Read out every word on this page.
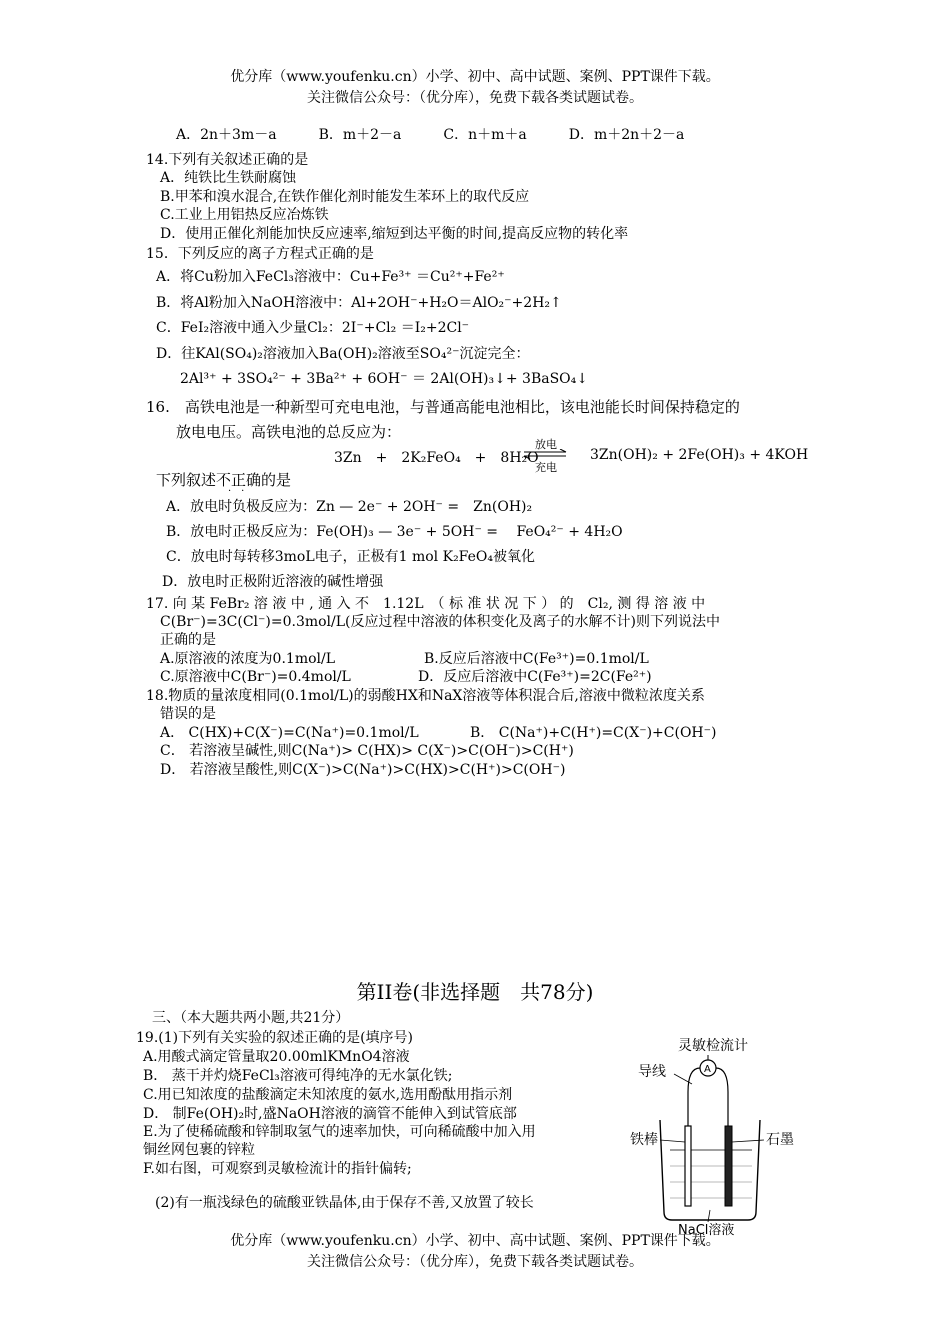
优分库（www.youfenku.cn）小学、初中、高中试题、案例、PPT课件下载。
关注微信公众号：（优分库），免费下载各类试题试卷。
A．2n＋3m－a　　　B．m＋2－a　　　C．n＋m＋a　　　D．m＋2n＋2－a
14.下列有关叙述正确的是
A．纯铁比生铁耐腐蚀
B.甲苯和溴水混合,在铁作催化剂时能发生苯环上的取代反应
C.工业上用铝热反应冶炼铁
D．使用正催化剂能加快反应速率,缩短到达平衡的时间,提高反应物的转化率
15．下列反应的离子方程式正确的是
A．将Cu粉加入FeCl₃溶液中：Cu+Fe³⁺ ＝Cu²⁺+Fe²⁺
B．将Al粉加入NaOH溶液中：Al+2OH⁻+H₂O＝AlO₂⁻+2H₂↑
C．FeI₂溶液中通入少量Cl₂：2I⁻+Cl₂ ＝I₂+2Cl⁻
D．往KAl(SO₄)₂溶液加入Ba(OH)₂溶液至SO₄²⁻沉淀完全：
2Al³⁺ + 3SO₄²⁻ + 3Ba²⁺ + 6OH⁻ ＝ 2Al(OH)₃↓+ 3BaSO₄↓
16.　高铁电池是一种新型可充电电池，与普通高能电池相比，该电池能长时间保持稳定的
放电电压。高铁电池的总反应为：
3Zn　+　2K₂FeO₄　+　8H₂O
放电
充电
3Zn(OH)₂ + 2Fe(OH)₃ + 4KOH
下列叙述不正确的是
·　·
A．放电时负极反应为：Zn — 2e⁻ + 2OH⁻ =　Zn(OH)₂
B．放电时正极反应为：Fe(OH)₃ — 3e⁻ + 5OH⁻ =　 FeO₄²⁻ + 4H₂O
C．放电时每转移3moL电子，正极有1 mol K₂FeO₄被氧化
D．放电时正极附近溶液的碱性增强
17. 向 某 FeBr₂ 溶 液 中 , 通 入 不　1.12L　（ 标 准 状 况 下 ） 的　Cl₂, 测 得 溶 液 中
C(Br⁻)=3C(Cl⁻)=0.3mol/L(反应过程中溶液的体积变化及离子的水解不计)则下列说法中
正确的是
A.原溶液的浓度为0.1mol/L	B.反应后溶液中C(Fe³⁺)=0.1mol/L
C.原溶液中C(Br⁻)=0.4mol/L	D．反应后溶液中C(Fe³⁺)=2C(Fe²⁺)
18.物质的量浓度相同(0.1mol/L)的弱酸HX和NaX溶液等体积混合后,溶液中微粒浓度关系
错误的是
A． C(HX)+C(X⁻)=C(Na⁺)=0.1mol/L	B． C(Na⁺)+C(H⁺)=C(X⁻)+C(OH⁻)
C． 若溶液呈碱性,则C(Na⁺)> C(HX)> C(X⁻)>C(OH⁻)>C(H⁺)
D． 若溶液呈酸性,则C(X⁻)>C(Na⁺)>C(HX)>C(H⁺)>C(OH⁻)
第II卷(非选择题　共78分)
三、（本大题共两小题,共21分）
19.(1)下列有关实验的叙述正确的是(填序号)
A.用酸式滴定管量取20.00mlKMnO4溶液
B． 蒸干并灼烧FeCl₃溶液可得纯净的无水氯化铁;
C.用已知浓度的盐酸滴定未知浓度的氨水,选用酚酞用指示剂
D． 制Fe(OH)₂时,盛NaOH溶液的滴管不能伸入到试管底部
E.为了使稀硫酸和锌制取氢气的速率加快，可向稀硫酸中加入用
铜丝网包裹的锌粒
F.如右图，可观察到灵敏检流计的指针偏转;
(2)有一瓶浅绿色的硫酸亚铁晶体,由于保存不善,又放置了较长
灵敏检流计
A
导线
铁棒	石墨
NaCl溶液
优分库（www.youfenku.cn）小学、初中、高中试题、案例、PPT课件下载。
关注微信公众号：（优分库），免费下载各类试题试卷。
